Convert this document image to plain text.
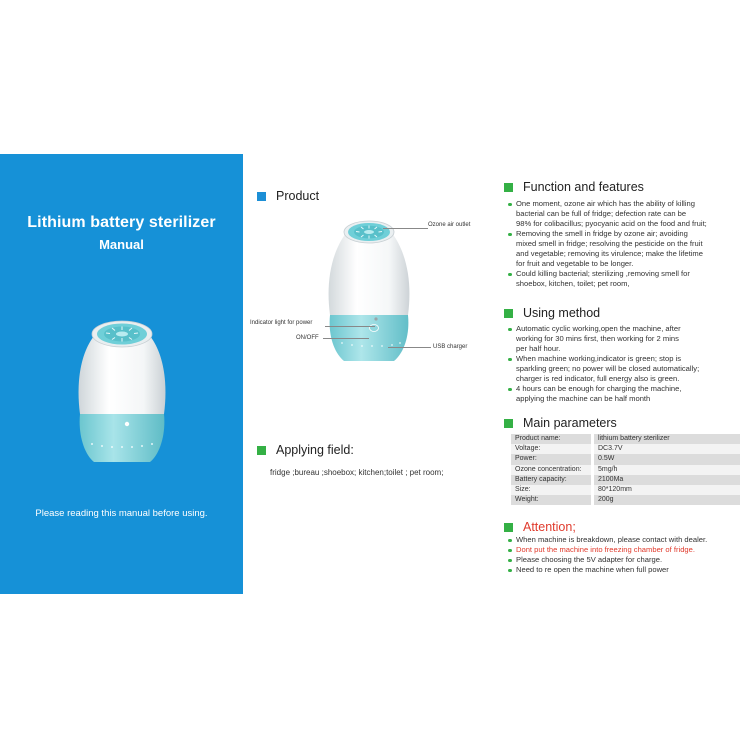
Lithium battery sterilizer
Manual
Please reading this manual before using.
Product
Ozone air outlet
Indicator light for power
ON/OFF
USB charger
Applying field:
fridge ;bureau ;shoebox; kitchen;toilet ; pet room;
Function and features
One moment, ozone air which has the ability of killing
bacterial can be full of fridge; defection rate can be
98% for colibacillus; pyocyanic acid on the food and fruit;
Removing the smell in fridge by ozone air; avoiding
mixed smell in fridge; resolving the pesticide on the fruit
and vegetable; removing its virulence; make the lifetime
for fruit and vegetable to be longer.
Could killing bacterial; sterilizing ,removing smell for
shoebox, kitchen, toilet; pet room,
Using method
Automatic cyclic working,open the machine, after
working for 30 mins first, then working for 2 mins
per half hour.
When machine working,indicator is green; stop is
sparkling green; no power will be closed automatically;
charger is red indicator, full energy also is green.
4 hours can be enough for charging the machine,
applying the machine can be half month
Main parameters
Product name:	lithium battery sterilizer
Voltage:	DC3.7V
Power:	0.5W
Ozone concentration:	5mg/h
Battery capacity:	2100Ma
Size:	80*120mm
Weight:	200g
Attention;
When machine is breakdown, please contact with dealer.
Dont put the machine into freezing chamber of fridge.
Please choosing the 5V adapter for charge.
Need to re open the machine when full power
